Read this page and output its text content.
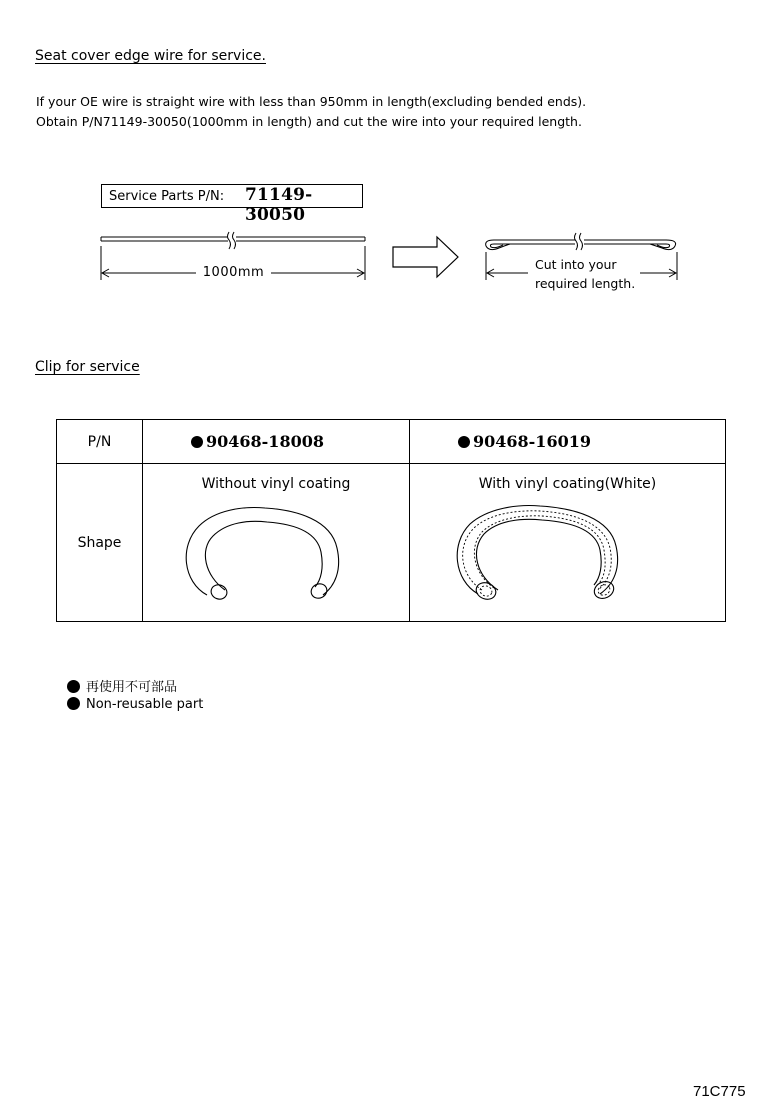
Seat cover edge wire for service.
If your OE wire is straight wire with less than 950mm in length(excluding bended ends).
Obtain P/N71149-30050(1000mm in length) and cut the wire into your required length.
Service Parts P/N: 71149-30050
1000mm
Cut into your
required length.
Clip for service
P/N	90468-18008	90468-16019
Shape	Without vinyl coating	With vinyl coating(White)
再使用不可部品
Non-reusable part
71C775
